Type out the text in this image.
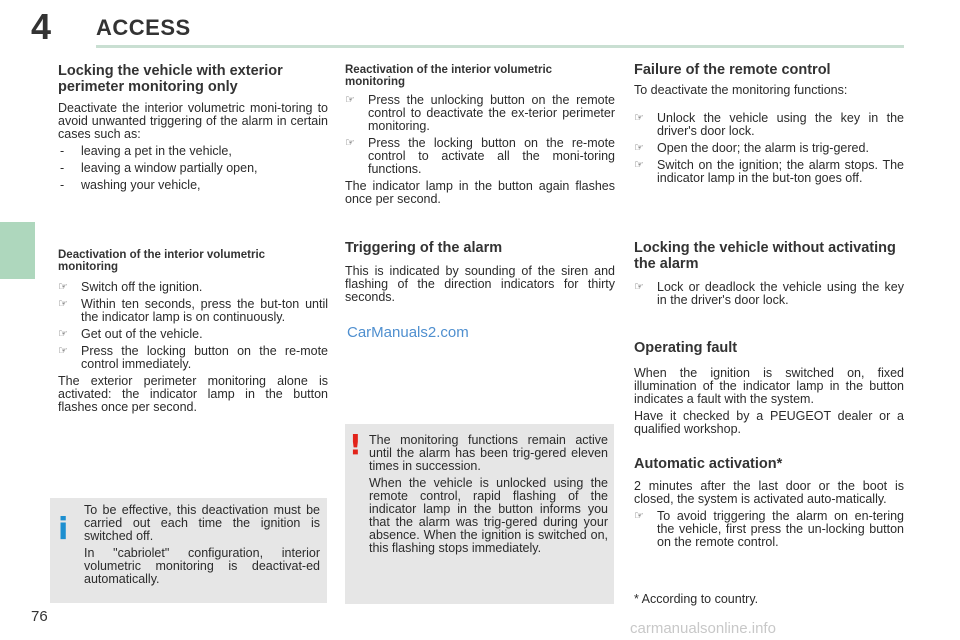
4 ACCESS
Locking the vehicle with exterior perimeter monitoring only
Deactivate the interior volumetric moni-toring to avoid unwanted triggering of the alarm in certain cases such as:
- leaving a pet in the vehicle,
- leaving a window partially open,
- washing your vehicle,
Deactivation of the interior volumetric monitoring
☞	Switch off the ignition.
☞	Within ten seconds, press the but-ton until the indicator lamp is on continuously.
☞	Get out of the vehicle.
☞	Press the locking button on the re-mote control immediately.
The exterior perimeter monitoring alone is activated: the indicator lamp in the button flashes once per second.
i
To be effective, this deactivation must be carried out each time the ignition is switched off.
In "cabriolet" configuration, interior volumetric monitoring is deactivat-ed automatically.
Reactivation of the interior volumetric monitoring
☞	Press the unlocking button on the remote control to deactivate the ex-terior perimeter monitoring.
☞	Press the locking button on the re-mote control to activate all the moni-toring functions.
The indicator lamp in the button again flashes once per second.
Triggering of the alarm
This is indicated by sounding of the siren and flashing of the direction indicators for thirty seconds.
! The monitoring functions remain active until the alarm has been trig-gered eleven times in succession.
When the vehicle is unlocked using the remote control, rapid flashing of the indicator lamp in the button informs you that the alarm was trig-gered during your absence. When the ignition is switched on, this flashing stops immediately.
Failure of the remote control
To deactivate the monitoring functions:
☞	Unlock the vehicle using the key in the driver's door lock.
☞	Open the door; the alarm is trig-gered.
☞	Switch on the ignition; the alarm stops. The indicator lamp in the but-ton goes off.
Locking the vehicle without activating the alarm
☞	Lock or deadlock the vehicle using the key in the driver's door lock.
Operating fault
When the ignition is switched on, fixed illumination of the indicator lamp in the button indicates a fault with the system.
Have it checked by a PEUGEOT dealer or a qualified workshop.
Automatic activation*
2 minutes after the last door or the boot is closed, the system is activated auto-matically.
☞	To avoid triggering the alarm on en-tering the vehicle, first press the un-locking button on the remote control.
* According to country.
76
CarManuals2.com
carmanualsonline.info
